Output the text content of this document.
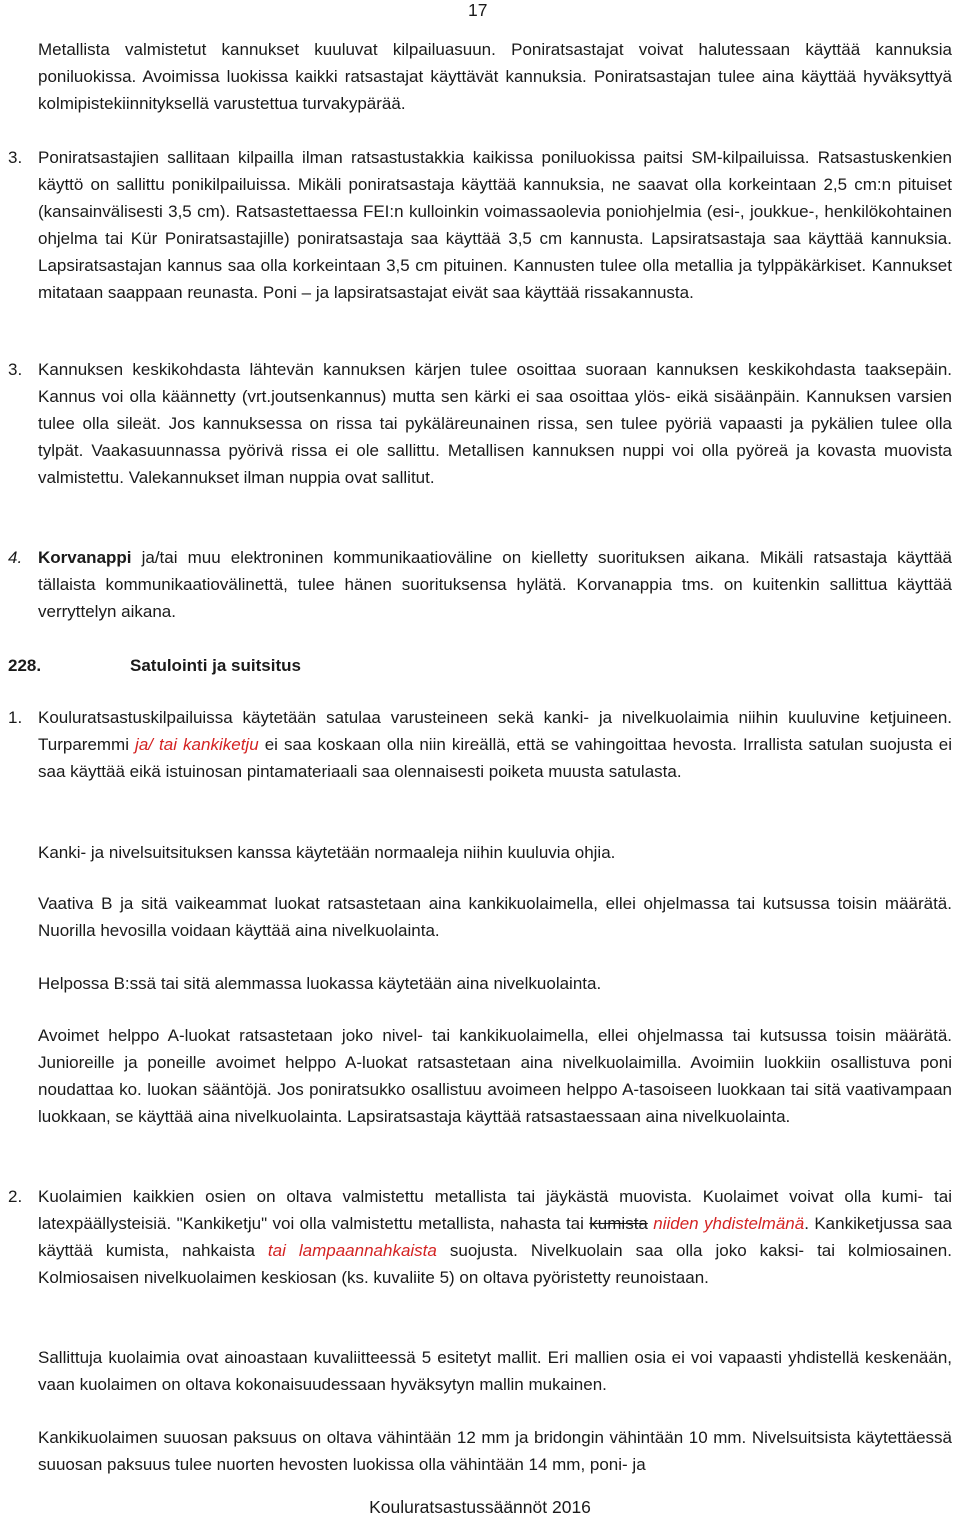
17
Metallista valmistetut kannukset kuuluvat kilpailuasuun. Poniratsastajat voivat halutessaan käyttää kannuksia poniluokissa. Avoimissa luokissa kaikki ratsastajat käyttävät kannuksia. Poniratsastajan tulee aina käyttää hyväksyttyä kolmipistekiinnityksellä varustettua turvakypärää.
3. Poniratsastajien sallitaan kilpailla ilman ratsastustakkia kaikissa poniluokissa paitsi SM-kilpailuissa. Ratsastuskenkien käyttö on sallittu ponikilpailuissa. Mikäli poniratsastaja käyttää kannuksia, ne saavat olla korkeintaan 2,5 cm:n pituiset (kansainvälisesti 3,5 cm). Ratsastettaessa FEI:n kulloinkin voimassaolevia poniohjelmia (esi-, joukkue-, henkilökohtainen ohjelma tai Kür Poniratsastajille) poniratsastaja saa käyttää 3,5 cm kannusta. Lapsiratsastaja saa käyttää kannuksia. Lapsiratsastajan kannus saa olla korkeintaan 3,5 cm pituinen. Kannusten tulee olla metallia ja tylppäkärkiset. Kannukset mitataan saappaan reunasta. Poni – ja lapsiratsastajat eivät saa käyttää rissakannusta.
3. Kannuksen keskikohdasta lähtevän kannuksen kärjen tulee osoittaa suoraan kannuksen keskikohdasta taaksepäin. Kannus voi olla käännetty (vrt.joutsenkannus) mutta sen kärki ei saa osoittaa ylös- eikä sisäänpäin. Kannuksen varsien tulee olla sileät. Jos kannuksessa on rissa tai pykäläreunainen rissa, sen tulee pyöriä vapaasti ja pykälien tulee olla tylpät. Vaakasuunnassa pyörivä rissa ei ole sallittu. Metallisen kannuksen nuppi voi olla pyöreä ja kovasta muovista valmistettu. Valekannukset ilman nuppia ovat sallitut.
4. Korvanappi ja/tai muu elektroninen kommunikaatioväline on kielletty suorituksen aikana. Mikäli ratsastaja käyttää tällaista kommunikaatiovälinettä, tulee hänen suorituksensa hylätä. Korvanappia tms. on kuitenkin sallittua käyttää verryttelyn aikana.
228.	Satulointi ja suitsitus
1. Kouluratsastuskilpailuissa käytetään satulaa varusteineen sekä kanki- ja nivelkuolaimia niihin kuuluvine ketjuineen. Turparemmi ja/ tai kankiketju ei saa koskaan olla niin kireällä, että se vahingoittaa hevosta. Irrallista satulan suojusta ei saa käyttää eikä istuinosan pintamateriaali saa olennaisesti poiketa muusta satulasta.
Kanki- ja nivelsuitsituksen kanssa käytetään normaaleja niihin kuuluvia ohjia.
Vaativa B ja sitä vaikeammat luokat ratsastetaan aina kankikuolaimella, ellei ohjelmassa tai kutsussa toisin määrätä. Nuorilla hevosilla voidaan käyttää aina nivelkuolainta.
Helpossa B:ssä tai sitä alemmassa luokassa käytetään aina nivelkuolainta.
Avoimet helppo A-luokat ratsastetaan joko nivel- tai kankikuolaimella, ellei ohjelmassa tai kutsussa toisin määrätä. Junioreille ja poneille avoimet helppo A-luokat ratsastetaan aina nivelkuolaimilla. Avoimiin luokkiin osallistuva poni noudattaa ko. luokan sääntöjä. Jos poniratsukko osallistuu avoimeen helppo A-tasoiseen luokkaan tai sitä vaativampaan luokkaan, se käyttää aina nivelkuolainta. Lapsiratsastaja käyttää ratsastaessaan aina nivelkuolainta.
2. Kuolaimien kaikkien osien on oltava valmistettu metallista tai jäykästä muovista. Kuolaimet voivat olla kumi- tai latexpäällysteisiä. "Kankiketju" voi olla valmistettu metallista, nahasta tai kumista niiden yhdistelmänä. Kankiketjussa saa käyttää kumista, nahkaista tai lampaannahkaista suojusta. Nivelkuolain saa olla joko kaksi- tai kolmiosainen. Kolmiosaisen nivelkuolaimen keskiosan (ks. kuvaliite 5) on oltava pyöristetty reunoistaan.
Sallittuja kuolaimia ovat ainoastaan kuvaliitteessä 5 esitetyt mallit. Eri mallien osia ei voi vapaasti yhdistellä keskenään, vaan kuolaimen on oltava kokonaisuudessaan hyväksytyn mallin mukainen.
Kankikuolaimen suuosan paksuus on oltava vähintään 12 mm ja bridongin vähintään 10 mm. Nivelsuitsista käytettäessä suuosan paksuus tulee nuorten hevosten luokissa olla vähintään 14 mm, poni- ja
Kouluratsastussäännöt 2016
